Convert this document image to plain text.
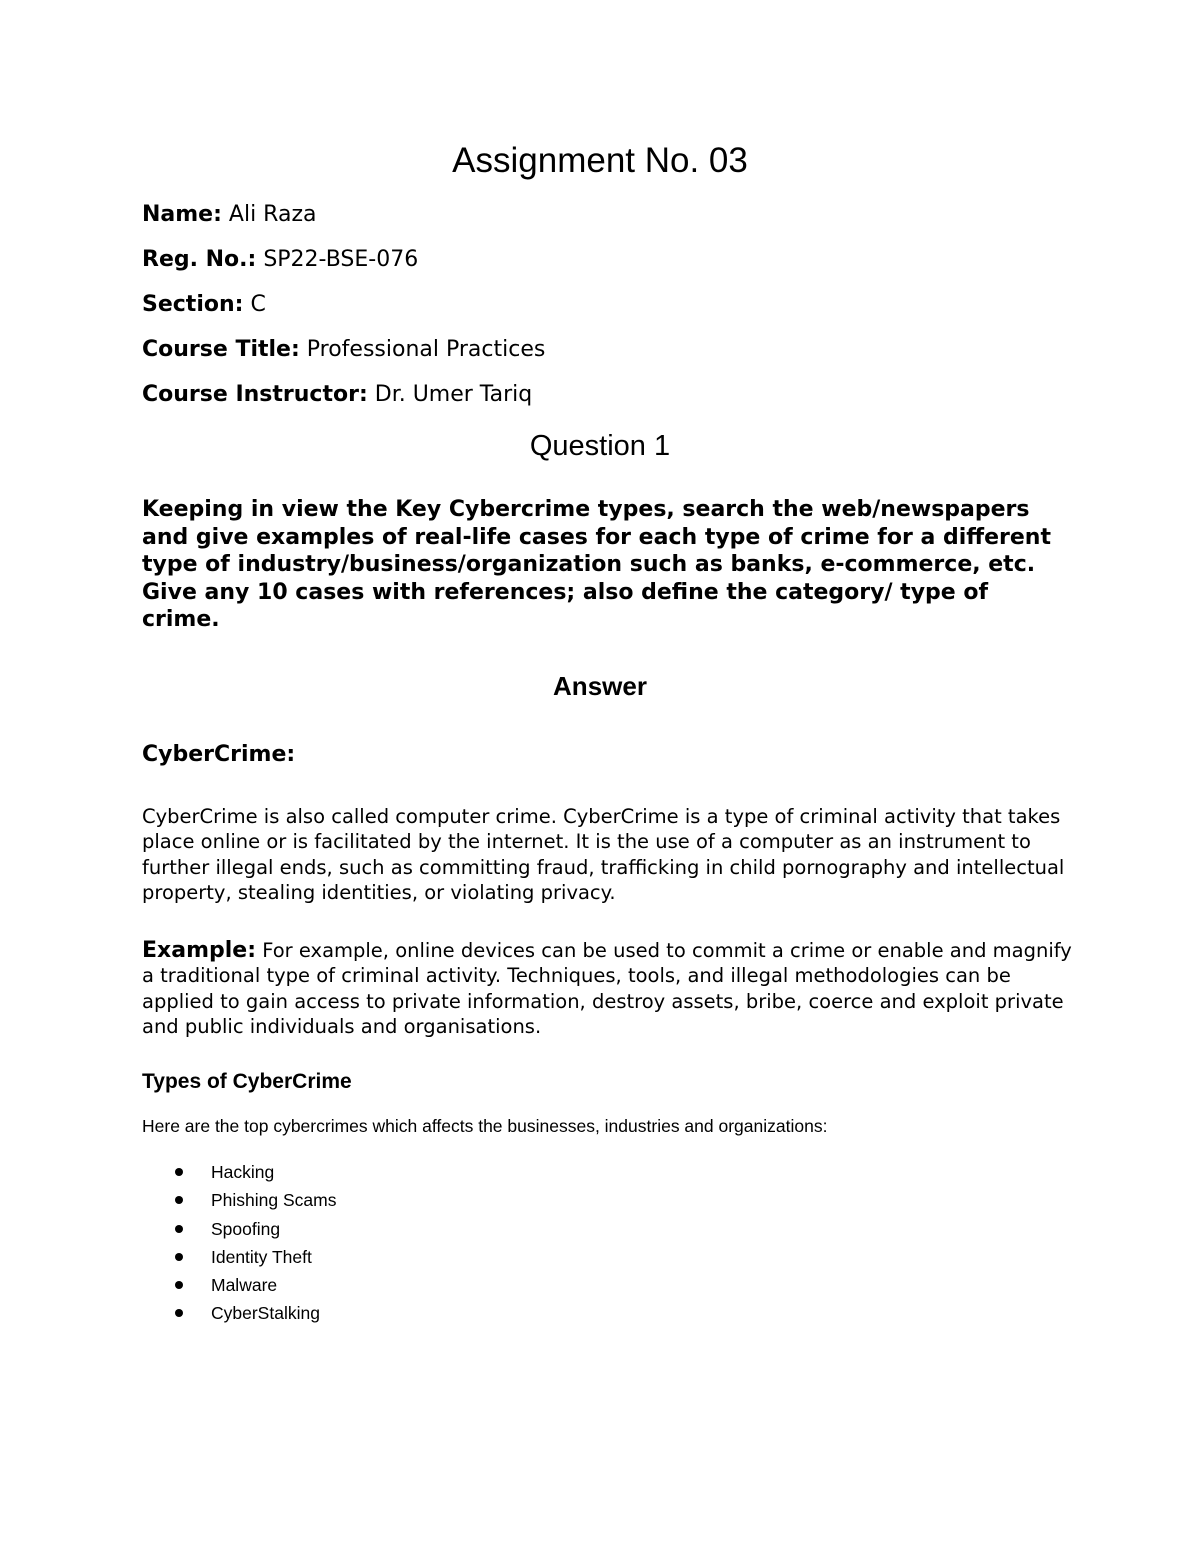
Assignment No. 03

Name: Ali Raza

Reg. No.: SP22-BSE-076

Section: C

Course Title: Professional Practices

Course Instructor: Dr. Umer Tariq

Question 1

Keeping in view the Key Cybercrime types, search the web/newspapers and give examples of real-life cases for each type of crime for a different type of industry/business/organization such as banks, e-commerce, etc. Give any 10 cases with references; also define the category/ type of crime.

Answer
CyberCrime:

CyberCrime is also called computer crime. CyberCrime is a type of criminal activity that takes place online or is facilitated by the internet. It is the use of a computer as an instrument to further illegal ends, such as committing fraud, trafficking in child pornography and intellectual property, stealing identities, or violating privacy.

Example: For example, online devices can be used to commit a crime or enable and magnify a traditional type of criminal activity. Techniques, tools, and illegal methodologies can be applied to gain access to private information, destroy assets, bribe, coerce and exploit private and public individuals and organisations.

Types of CyberCrime

Here are the top cybercrimes which affects the businesses, industries and organizations:

Hacking
Phishing Scams
Spoofing
Identity Theft
Malware
CyberStalking
